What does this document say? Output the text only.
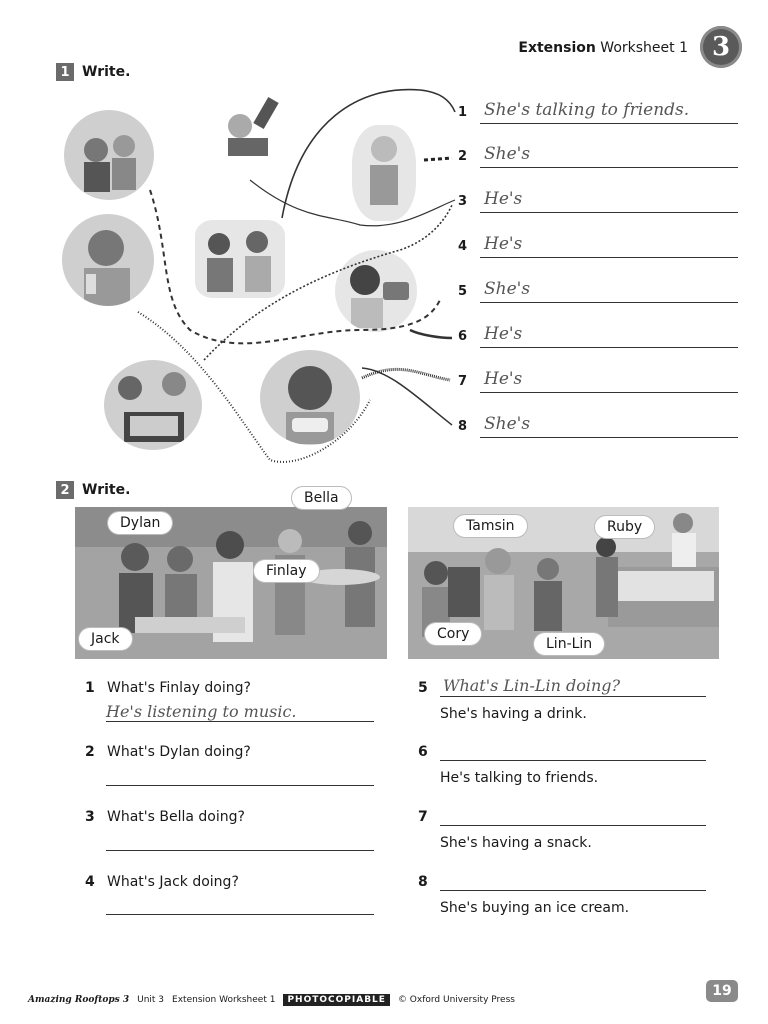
Extension Worksheet 1 3
1 Write.
1 She's talking to friends.
2 She's
3 He's
4 He's
5 She's
6 He's
7 He's
8 She's
2 Write.	Bella
Dylan
Finlay
Jack
Tamsin	Ruby
Cory
Lin-Lin
1 What's Finlay doing?
He's listening to music.
2 What's Dylan doing?
3 What's Bella doing?
4 What's Jack doing?
5 What's Lin-Lin doing?
She's having a drink.
6
He's talking to friends.
7
She's having a snack.
8
She's buying an ice cream.
Amazing Rooftops 3 Unit 3 Extension Worksheet 1	PHOTOCOPIABLE	© Oxford University Press
19
